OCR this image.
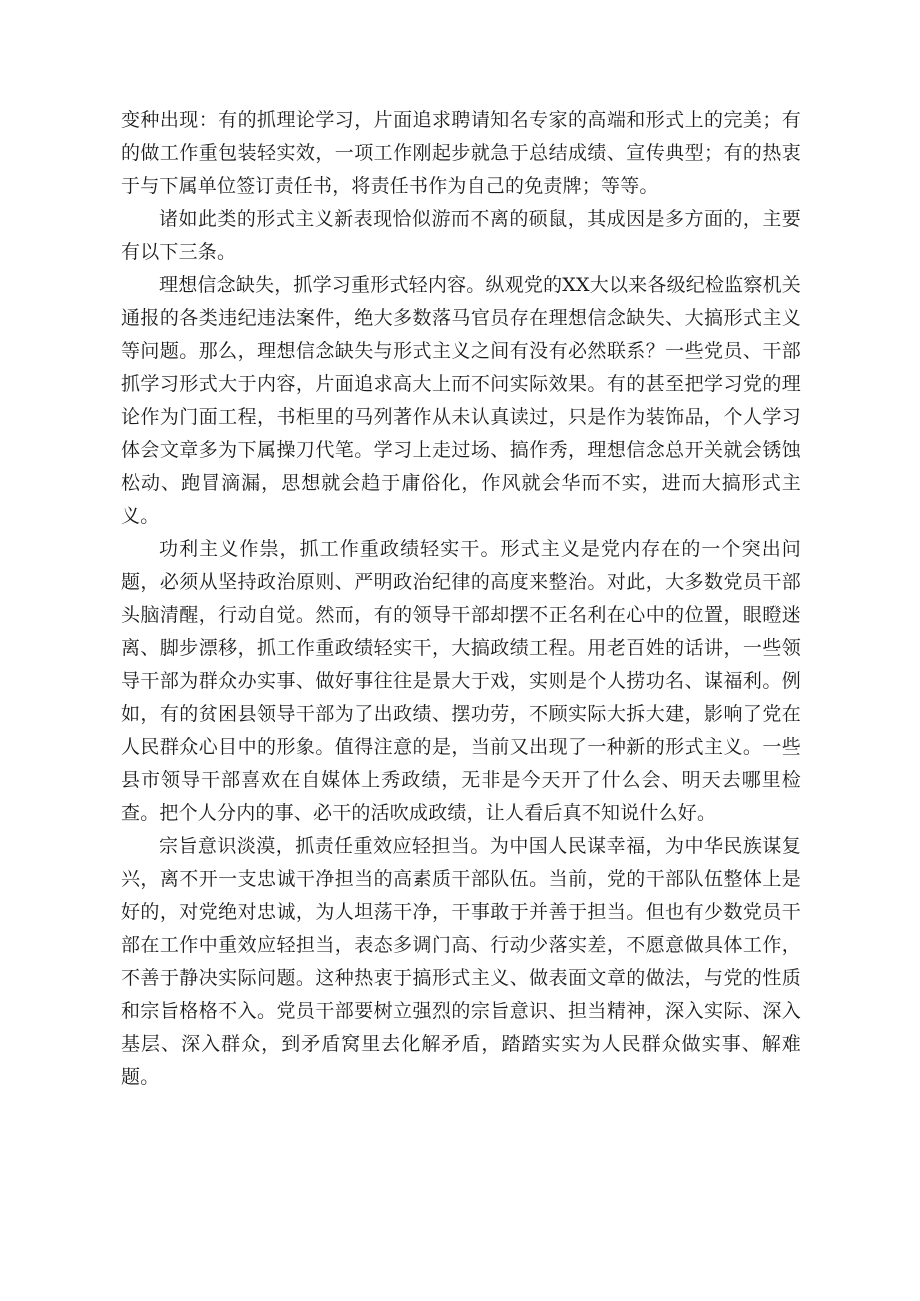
变种出现：有的抓理论学习，片面追求聘请知名专家的高端和形式上的完美；有的做工作重包装轻实效，一项工作刚起步就急于总结成绩、宣传典型；有的热衷于与下属单位签订责任书，将责任书作为自己的免责牌；等等。

诸如此类的形式主义新表现恰似游而不离的硕鼠，其成因是多方面的，主要有以下三条。

理想信念缺失，抓学习重形式轻内容。纵观党的XX大以来各级纪检监察机关通报的各类违纪违法案件，绝大多数落马官员存在理想信念缺失、大搞形式主义等问题。那么，理想信念缺失与形式主义之间有没有必然联系？一些党员、干部抓学习形式大于内容，片面追求高大上而不问实际效果。有的甚至把学习党的理论作为门面工程，书柜里的马列著作从未认真读过，只是作为装饰品，个人学习体会文章多为下属操刀代笔。学习上走过场、搞作秀，理想信念总开关就会锈蚀松动、跑冒滴漏，思想就会趋于庸俗化，作风就会华而不实，进而大搞形式主义。

功利主义作祟，抓工作重政绩轻实干。形式主义是党内存在的一个突出问题，必须从坚持政治原则、严明政治纪律的高度来整治。对此，大多数党员干部头脑清醒，行动自觉。然而，有的领导干部却摆不正名利在心中的位置，眼瞪迷离、脚步漂移，抓工作重政绩轻实干，大搞政绩工程。用老百姓的话讲，一些领导干部为群众办实事、做好事往往是景大于戏，实则是个人捞功名、谋福利。例如，有的贫困县领导干部为了出政绩、摆功劳，不顾实际大拆大建，影响了党在人民群众心目中的形象。值得注意的是，当前又出现了一种新的形式主义。一些县市领导干部喜欢在自媒体上秀政绩，无非是今天开了什么会、明天去哪里检查。把个人分内的事、必干的活吹成政绩，让人看后真不知说什么好。

宗旨意识淡漠，抓责任重效应轻担当。为中国人民谋幸福，为中华民族谋复兴，离不开一支忠诚干净担当的高素质干部队伍。当前，党的干部队伍整体上是好的，对党绝对忠诚，为人坦荡干净，干事敢于并善于担当。但也有少数党员干部在工作中重效应轻担当，表态多调门高、行动少落实差，不愿意做具体工作，不善于静决实际问题。这种热衷于搞形式主义、做表面文章的做法，与党的性质和宗旨格格不入。党员干部要树立强烈的宗旨意识、担当精神，深入实际、深入基层、深入群众，到矛盾窝里去化解矛盾，踏踏实实为人民群众做实事、解难题。
